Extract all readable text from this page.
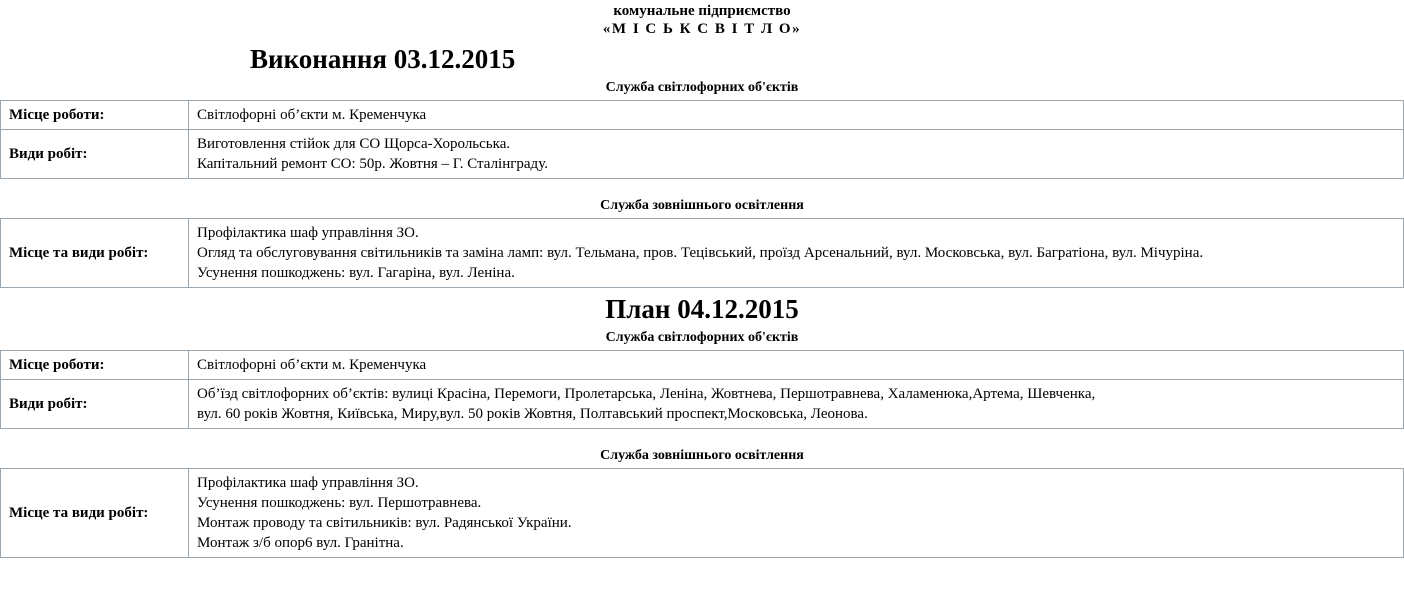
комунальне підприємство
«М І С Ь К С В І Т Л О»
Виконання 03.12.2015
Служба світлофорних об'єктів
Місце роботи:	Світлофорні об’єкти м. Кременчука

Види робіт:	Виготовлення стійок для СО Щорса-Хорольська.
Капітальний ремонт СО: 50р. Жовтня – Г. Сталінграду.
Служба зовнішнього освітлення
Місце та види робіт:	
Профілактика шаф управління ЗО.
Огляд та обслуговування світильників та заміна ламп: вул. Тельмана, пров. Тецівський, проїзд Арсенальний, вул. Московська, вул. Багратіона, вул. Мічуріна.
Усунення пошкоджень: вул. Гагаріна, вул. Леніна.
План 04.12.2015
Служба світлофорних об'єктів
Місце роботи:	Світлофорні об’єкти м. Кременчука

Види робіт:	Об’їзд світлофорних об’єктів: вулиці Красіна, Перемоги, Пролетарська, Леніна, Жовтнева, Першотравнева, Халаменюка,Артема, Шевченка,
вул. 60 років Жовтня, Київська, Миру,вул. 50 років Жовтня, Полтавський проспект,Московська, Леонова.
Служба зовнішнього освітлення
Місце та види робіт:	
Профілактика шаф управління ЗО.
Усунення пошкоджень: вул. Першотравнева.
Монтаж проводу та світильників: вул. Радянської України.
Монтаж з/б опор6 вул. Гранітна.
